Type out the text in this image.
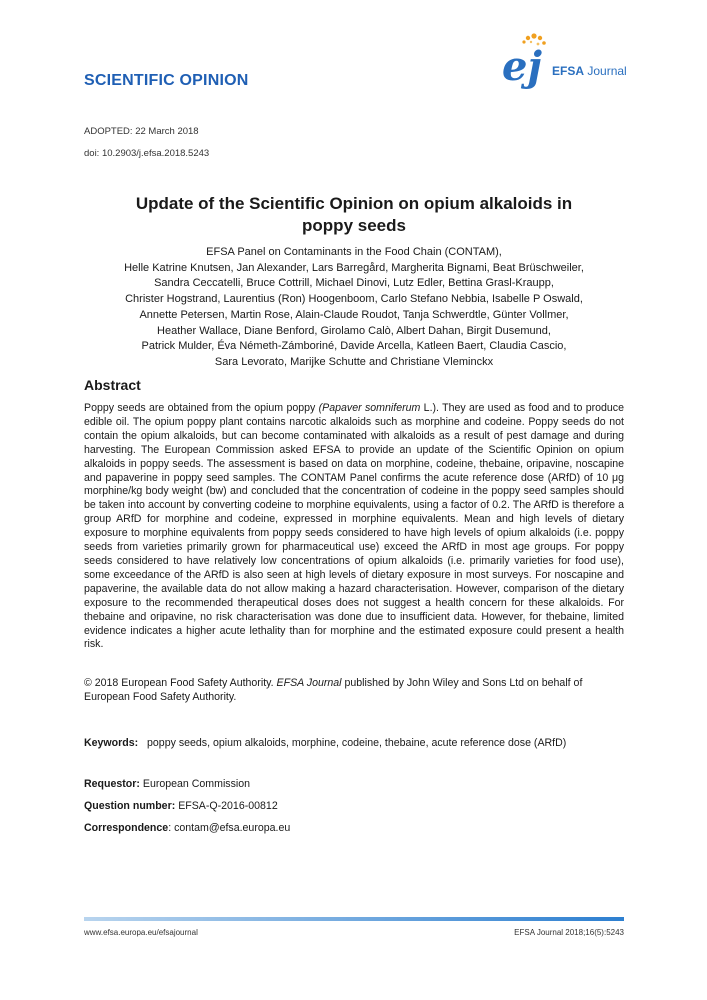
SCIENTIFIC OPINION	ej EFSA Journal
ADOPTED: 22 March 2018
doi: 10.2903/j.efsa.2018.5243
Update of the Scientific Opinion on opium alkaloids in
poppy seeds
EFSA Panel on Contaminants in the Food Chain (CONTAM),
Helle Katrine Knutsen, Jan Alexander, Lars Barregård, Margherita Bignami, Beat Brüschweiler,
Sandra Ceccatelli, Bruce Cottrill, Michael Dinovi, Lutz Edler, Bettina Grasl-Kraupp,
Christer Hogstrand, Laurentius (Ron) Hoogenboom, Carlo Stefano Nebbia, Isabelle P Oswald,
Annette Petersen, Martin Rose, Alain-Claude Roudot, Tanja Schwerdtle, Günter Vollmer,
Heather Wallace, Diane Benford, Girolamo Calò, Albert Dahan, Birgit Dusemund,
Patrick Mulder, Éva Németh-Zámboriné, Davide Arcella, Katleen Baert, Claudia Cascio,
Sara Levorato, Marijke Schutte and Christiane Vleminckx
Abstract

Poppy seeds are obtained from the opium poppy (Papaver somniferum L.). They are used as food and to produce edible oil. The opium poppy plant contains narcotic alkaloids such as morphine and codeine. Poppy seeds do not contain the opium alkaloids, but can become contaminated with alkaloids as a result of pest damage and during harvesting. The European Commission asked EFSA to provide an update of the Scientific Opinion on opium alkaloids in poppy seeds. The assessment is based on data on morphine, codeine, thebaine, oripavine, noscapine and papaverine in poppy seed samples. The CONTAM Panel confirms the acute reference dose (ARfD) of 10 μg morphine/kg body weight (bw) and concluded that the concentration of codeine in the poppy seed samples should be taken into account by converting codeine to morphine equivalents, using a factor of 0.2. The ARfD is therefore a group ARfD for morphine and codeine, expressed in morphine equivalents. Mean and high levels of dietary exposure to morphine equivalents from poppy seeds considered to have high levels of opium alkaloids (i.e. poppy seeds from varieties primarily grown for pharmaceutical use) exceed the ARfD in most age groups. For poppy seeds considered to have relatively low concentrations of opium alkaloids (i.e. primarily varieties for food use), some exceedance of the ARfD is also seen at high levels of dietary exposure in most surveys. For noscapine and papaverine, the available data do not allow making a hazard characterisation. However, comparison of the dietary exposure to the recommended therapeutical doses does not suggest a health concern for these alkaloids. For thebaine and oripavine, no risk characterisation was done due to insufficient data. However, for thebaine, limited evidence indicates a higher acute lethality than for morphine and the estimated exposure could present a health risk.

© 2018 European Food Safety Authority. EFSA Journal published by John Wiley and Sons Ltd on behalf of European Food Safety Authority.

Keywords: poppy seeds, opium alkaloids, morphine, codeine, thebaine, acute reference dose (ARfD)
Requestor: European Commission
Question number: EFSA-Q-2016-00812
Correspondence: contam@efsa.europa.eu
www.efsa.europa.eu/efsajournal	EFSA Journal 2018;16(5):5243
